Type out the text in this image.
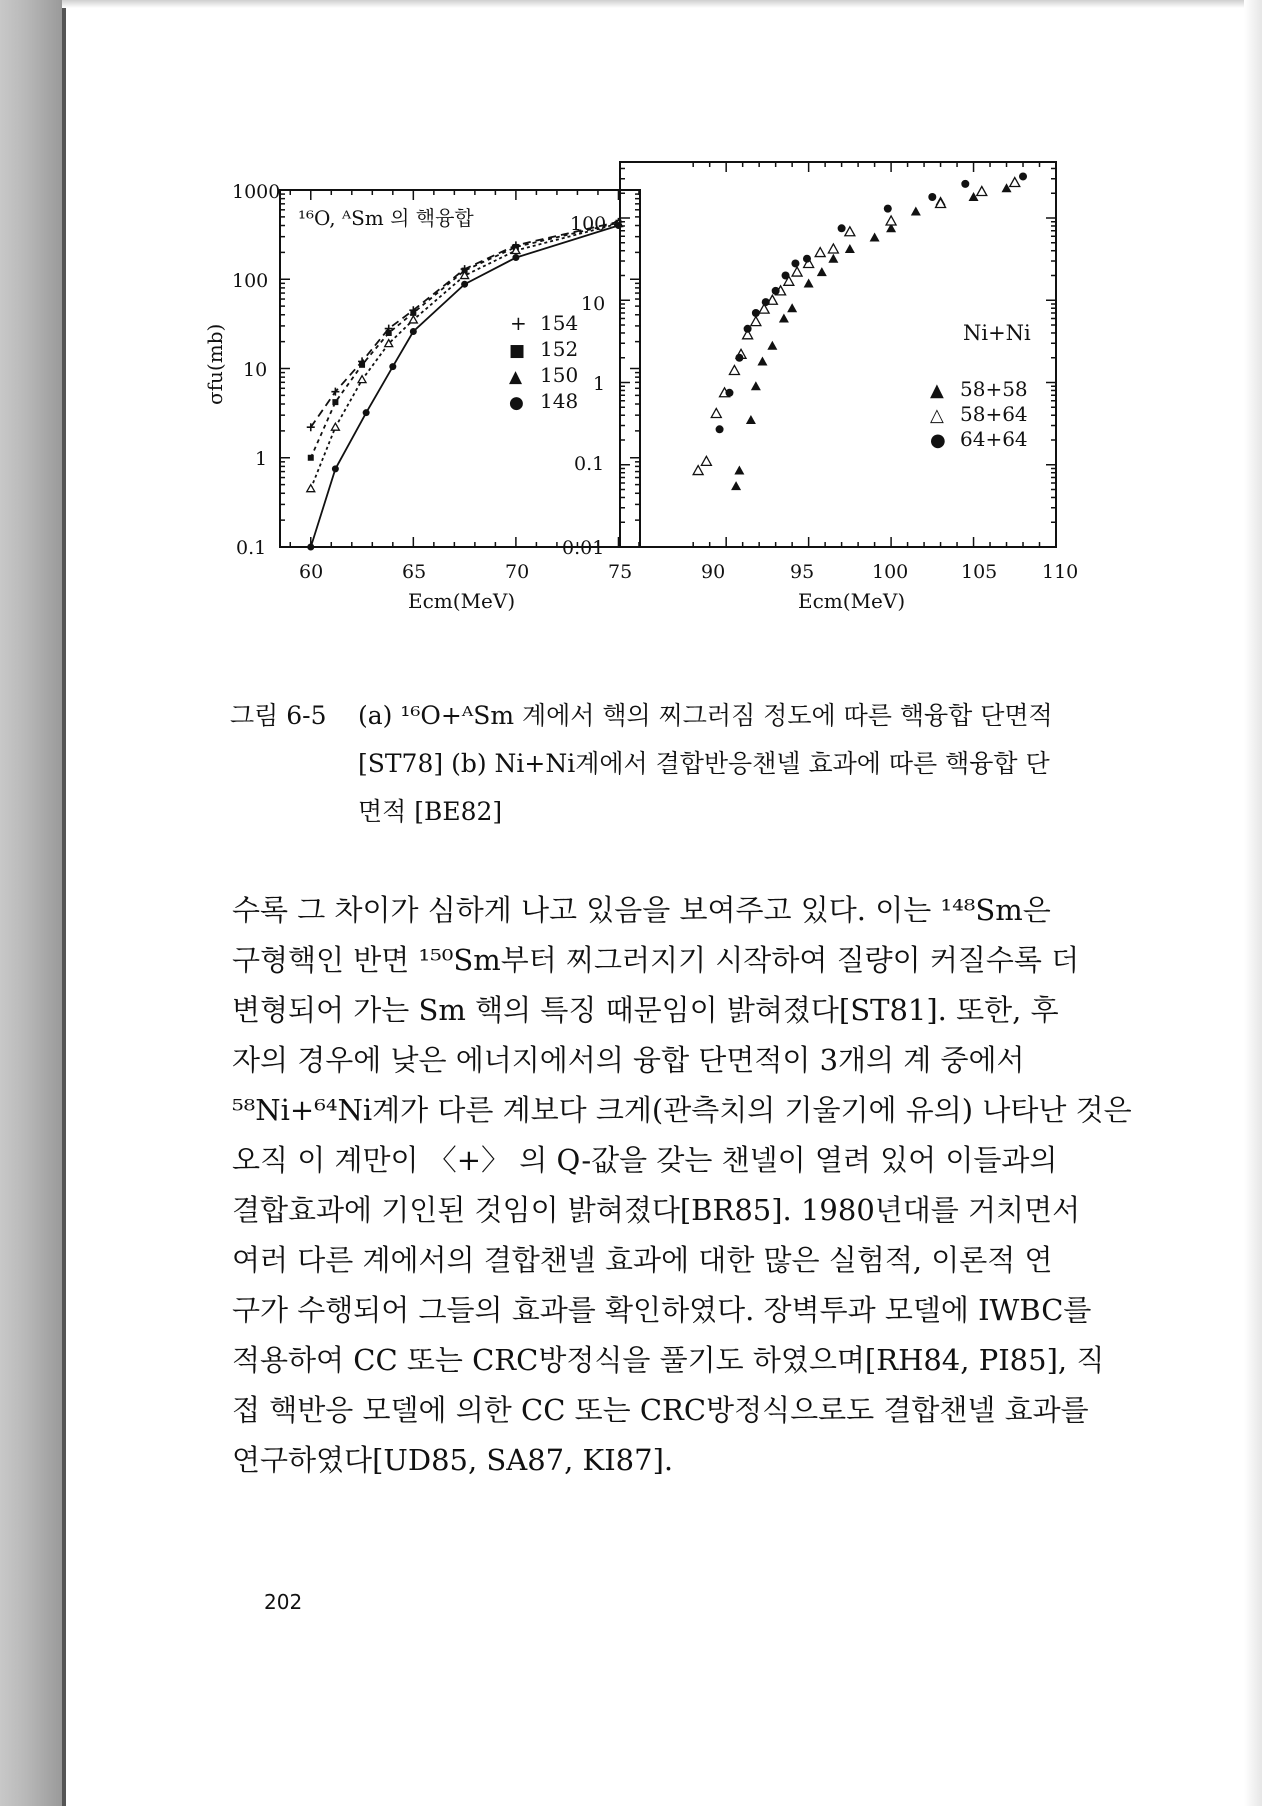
¹⁶O, ᴬSm 의 핵융합
1000
100
10
1
0.1
σfu(mb)
60	65	70	75
Ecm(MeV)
+ 154
■ 152
▲ 150
● 148
100
10
1
0.1
0.01
90	95	100	105 110
Ecm(MeV)
Ni+Ni
▲ 58+58
△ 58+64
● 64+64
그림 6-5 (a) ¹⁶O+ᴬSm 계에서 핵의 찌그러짐 정도에 따른 핵융합 단면적
[ST78] (b) Ni+Ni계에서 결합반응챈넬 효과에 따른 핵융합 단
면적 [BE82]

수록 그 차이가 심하게 나고 있음을 보여주고 있다. 이는 ¹⁴⁸Sm은

구형핵인 반면 ¹⁵⁰Sm부터 찌그러지기 시작하여 질량이 커질수록 더

변형되어 가는 Sm 핵의 특징 때문임이 밝혀졌다[ST81]. 또한, 후

자의 경우에 낮은 에너지에서의 융합 단면적이 3개의 계 중에서

⁵⁸Ni+⁶⁴Ni계가 다른 계보다 크게(관측치의 기울기에 유의) 나타난 것은

오직 이 계만이 〈+〉 의 Q-값을 갖는 챈넬이 열려 있어 이들과의

결합효과에 기인된 것임이 밝혀졌다[BR85]. 1980년대를 거치면서

여러 다른 계에서의 결합챈넬 효과에 대한 많은 실험적, 이론적 연

구가 수행되어 그들의 효과를 확인하였다. 장벽투과 모델에 IWBC를

적용하여 CC 또는 CRC방정식을 풀기도 하였으며[RH84, PI85], 직

접 핵반응 모델에 의한 CC 또는 CRC방정식으로도 결합챈넬 효과를

연구하였다[UD85, SA87, KI87].

202
